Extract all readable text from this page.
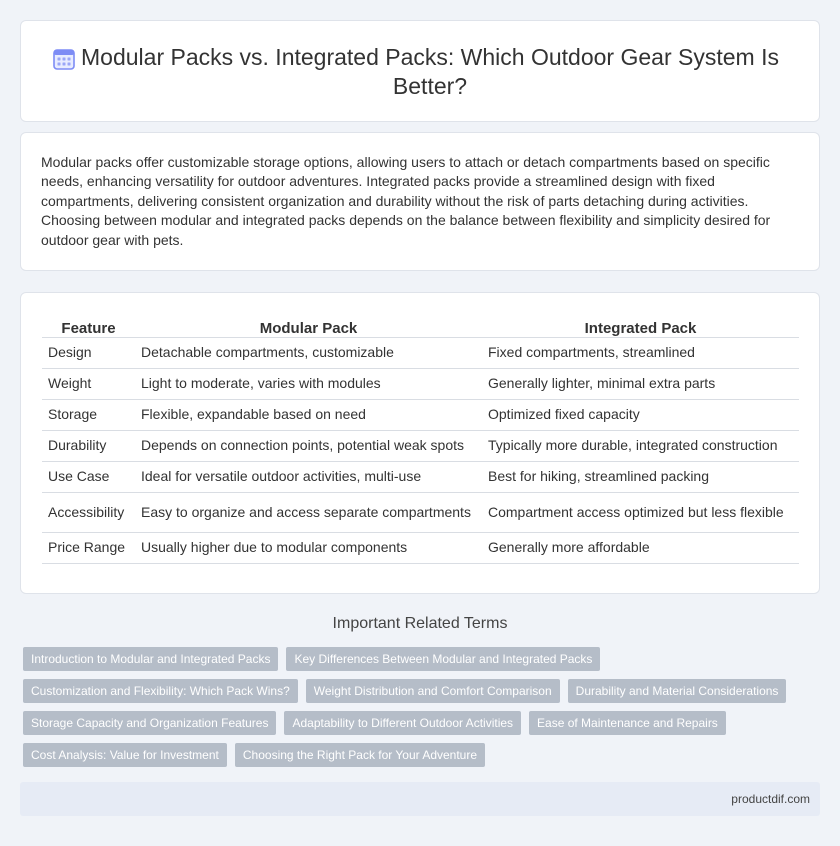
Modular Packs vs. Integrated Packs: Which Outdoor Gear System Is Better?

Modular packs offer customizable storage options, allowing users to attach or detach compartments based on specific needs, enhancing versatility for outdoor adventures. Integrated packs provide a streamlined design with fixed compartments, delivering consistent organization and durability without the risk of parts detaching during activities. Choosing between modular and integrated packs depends on the balance between flexibility and simplicity desired for outdoor gear with pets.

Feature	Modular Pack	Integrated Pack
Design	Detachable compartments, customizable	Fixed compartments, streamlined
Weight	Light to moderate, varies with modules	Generally lighter, minimal extra parts
Storage	Flexible, expandable based on need	Optimized fixed capacity
Durability	Depends on connection points, potential weak spots	Typically more durable, integrated construction
Use Case	Ideal for versatile outdoor activities, multi-use	Best for hiking, streamlined packing
Accessibility	Easy to organize and access separate compartments	Compartment access optimized but less flexible
Price Range	Usually higher due to modular components	Generally more affordable
Important Related Terms
Introduction to Modular and Integrated Packs	Key Differences Between Modular and Integrated Packs
Customization and Flexibility: Which Pack Wins?	Weight Distribution and Comfort Comparison	Durability and Material Considerations
Storage Capacity and Organization Features	Adaptability to Different Outdoor Activities	Ease of Maintenance and Repairs
Cost Analysis: Value for Investment	Choosing the Right Pack for Your Adventure
productdif.com
